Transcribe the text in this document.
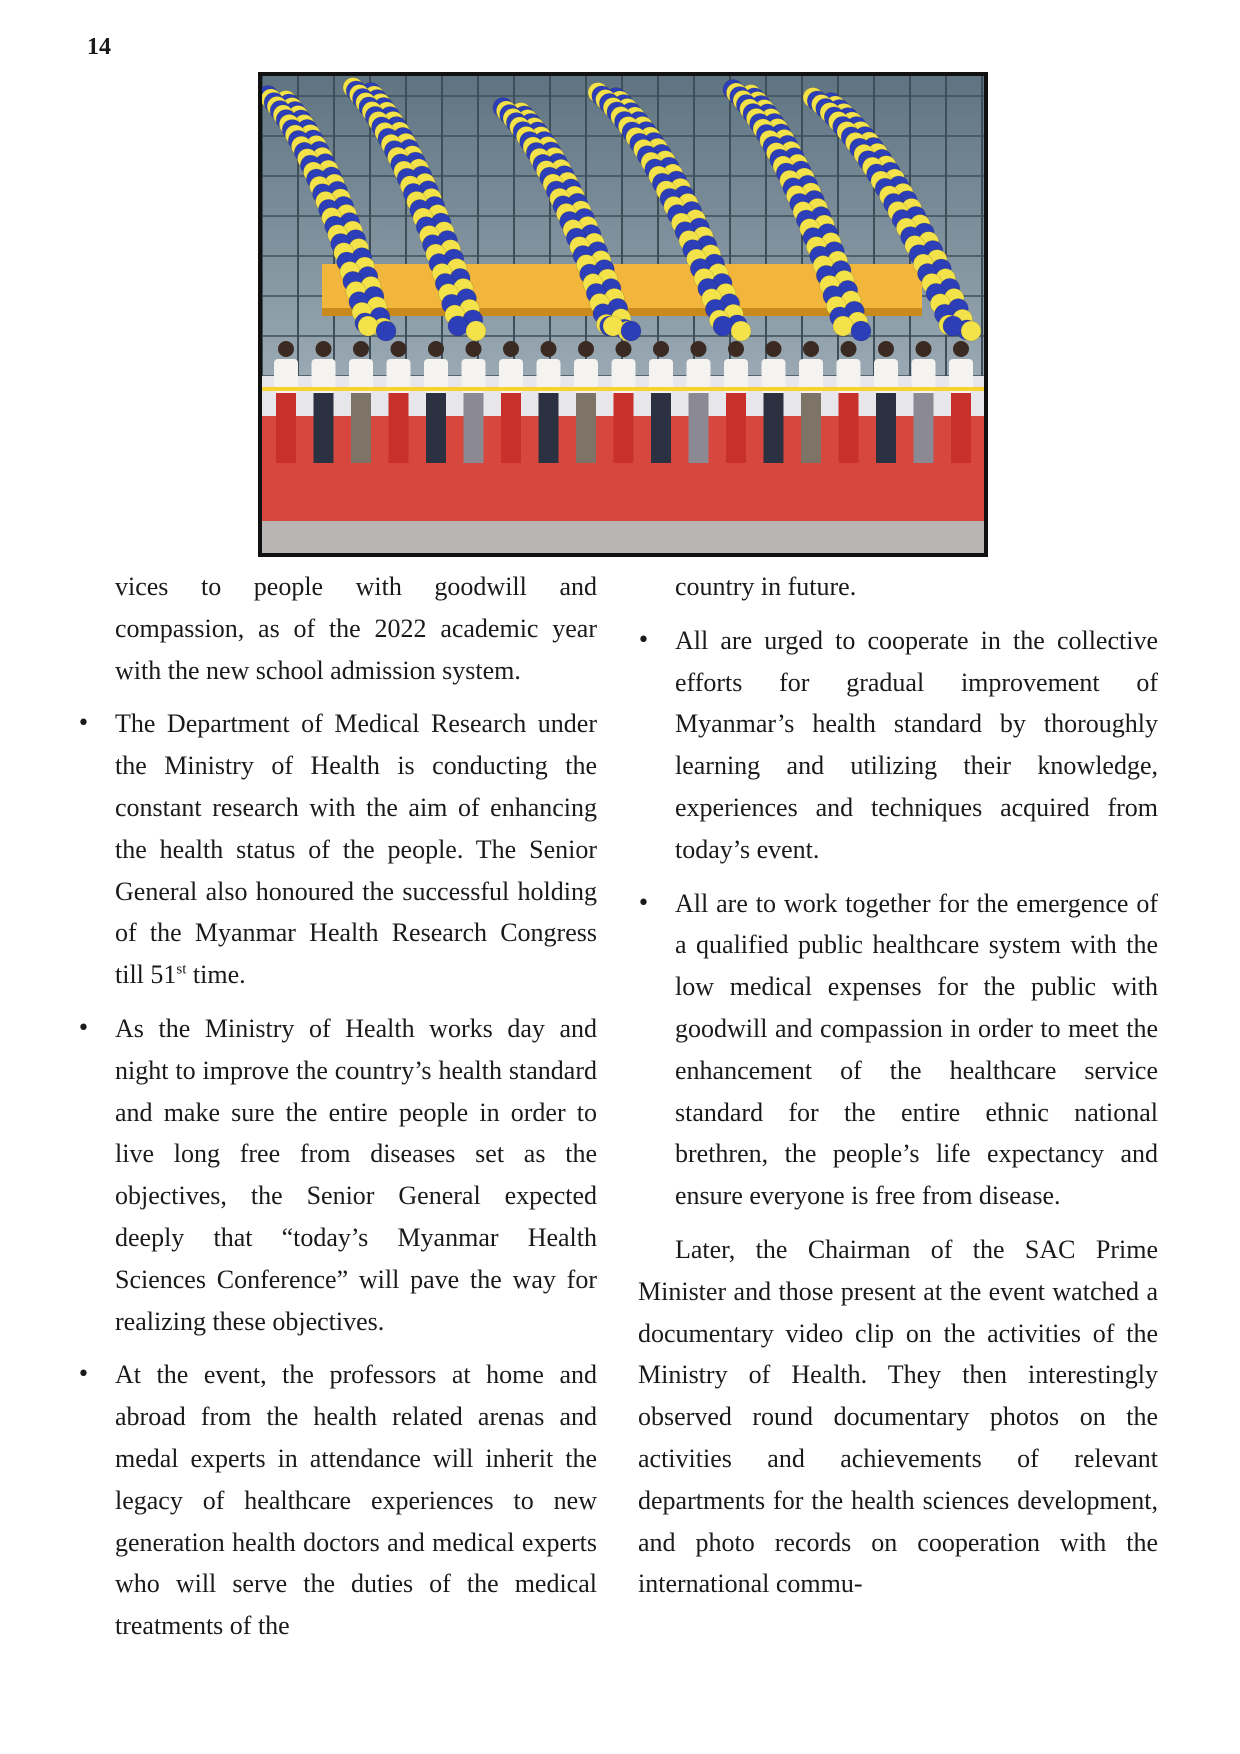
14

vices to people with goodwill and compassion, as of the 2022 academic year with the new school admission system.

• The Department of Medical Research under the Ministry of Health is conducting the constant research with the aim of enhancing the health status of the people. The Senior General also honoured the successful holding of the Myanmar Health Research Congress till 51st time.
• As the Ministry of Health works day and night to improve the country’s health standard and make sure the entire people in order to live long free from diseases set as the objectives, the Senior General expected deeply that “today’s Myanmar Health Sciences Conference” will pave the way for realizing these objectives.
• At the event, the professors at home and abroad from the health related arenas and medal experts in attendance will inherit the legacy of healthcare experiences to new generation health doctors and medical experts who will serve the duties of the medical treatments of the

country in future.

• All are urged to cooperate in the collective efforts for gradual improvement of Myanmar’s health standard by thoroughly learning and utilizing their knowledge, experiences and techniques acquired from today’s event.
• All are to work together for the emergence of a qualified public healthcare system with the low medical expenses for the public with goodwill and compassion in order to meet the enhancement of the healthcare service standard for the entire ethnic national brethren, the people’s life expectancy and ensure everyone is free from disease.

Later, the Chairman of the SAC Prime Minister and those present at the event watched a documentary video clip on the activities of the Ministry of Health. They then interestingly observed round documentary photos on the activities and achievements of relevant departments for the health sciences development, and photo records on cooperation with the international commu-
